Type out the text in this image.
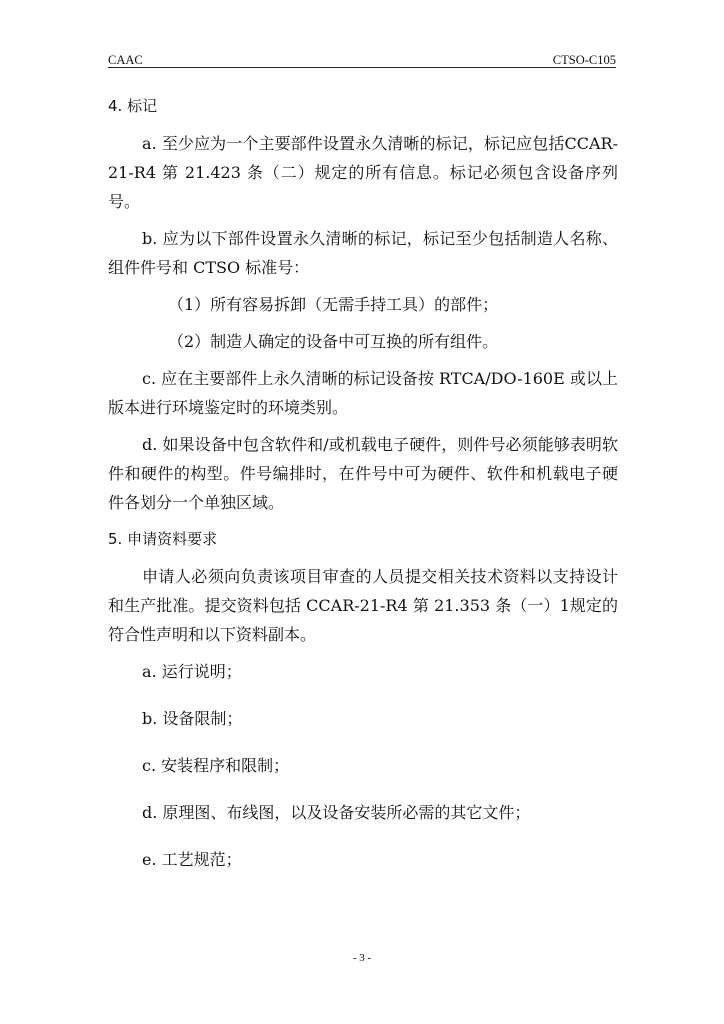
CAAC	CTSO-C105
4. 标记

a. 至少应为一个主要部件设置永久清晰的标记，标记应包括CCAR-21-R4 第 21.423 条（二）规定的所有信息。标记必须包含设备序列号。

b. 应为以下部件设置永久清晰的标记，标记至少包括制造人名称、组件件号和 CTSO 标准号：

（1）所有容易拆卸（无需手持工具）的部件；

（2）制造人确定的设备中可互换的所有组件。

c. 应在主要部件上永久清晰的标记设备按 RTCA/DO-160E 或以上版本进行环境鉴定时的环境类别。

d. 如果设备中包含软件和/或机载电子硬件，则件号必须能够表明软件和硬件的构型。件号编排时，在件号中可为硬件、软件和机载电子硬件各划分一个单独区域。

5. 申请资料要求

申请人必须向负责该项目审查的人员提交相关技术资料以支持设计和生产批准。提交资料包括 CCAR-21-R4 第 21.353 条（一）1规定的符合性声明和以下资料副本。

a. 运行说明；
b. 设备限制；
c. 安装程序和限制；
d. 原理图、布线图，以及设备安装所必需的其它文件；
e. 工艺规范；
- 3 -
